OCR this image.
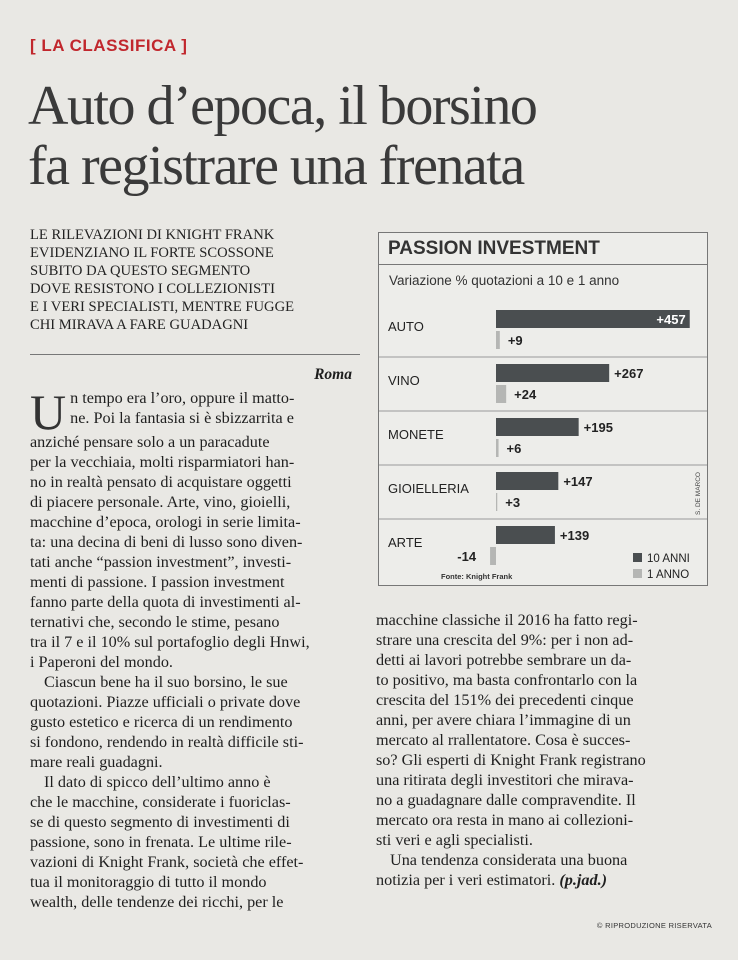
[ LA CLASSIFICA ]
Auto d’epoca, il borsino
fa registrare una frenata
LE RILEVAZIONI DI KNIGHT FRANK
EVIDENZIANO IL FORTE SCOSSONE
SUBITO DA QUESTO SEGMENTO
DOVE RESISTONO I COLLEZIONISTI
E I VERI SPECIALISTI, MENTRE FUGGE
CHI MIRAVA A FARE GUADAGNI
Roma
U n tempo era l’oro, oppure il matto-
ne. Poi la fantasia si è sbizzarrita e
anziché pensare solo a un paracadute
per la vecchiaia, molti risparmiatori han-
no in realtà pensato di acquistare oggetti
di piacere personale. Arte, vino, gioielli,
macchine d’epoca, orologi in serie limita-
ta: una decina di beni di lusso sono diven-
tati anche “passion investment”, investi-
menti di passione. I passion investment
fanno parte della quota di investimenti al-
ternativi che, secondo le stime, pesano
tra il 7 e il 10% sul portafoglio degli Hnwi,
i Paperoni del mondo.
Ciascun bene ha il suo borsino, le sue
quotazioni. Piazze ufficiali o private dove
gusto estetico e ricerca di un rendimento
si fondono, rendendo in realtà difficile sti-
mare reali guadagni.
Il dato di spicco dell’ultimo anno è
che le macchine, considerate i fuoriclas-
se di questo segmento di investimenti di
passione, sono in frenata. Le ultime rile-
vazioni di Knight Frank, società che effet-
tua il monitoraggio di tutto il mondo
wealth, delle tendenze dei ricchi, per le
macchine classiche il 2016 ha fatto regi-
strare una crescita del 9%: per i non ad-
detti ai lavori potrebbe sembrare un da-
to positivo, ma basta confrontarlo con la
crescita del 151% dei precedenti cinque
anni, per avere chiara l’immagine di un
mercato al rrallentatore. Cosa è succes-
so? Gli esperti di Knight Frank registrano
una ritirata degli investitori che mirava-
no a guadagnare dalle compravendite. Il
mercato ora resta in mano ai collezioni-
sti veri e agli specialisti.
Una tendenza considerata una buona
notizia per i veri estimatori. (p.jad.)
© RIPRODUZIONE RISERVATA
PASSION INVESTMENT
Variazione % quotazioni a 10 e 1 anno
AUTO	+457
+9
VINO	+267
+24
MONETE	+195
+6
GIOIELLERIA	+147
+3
ARTE	+139
-14	10 ANNI
1 ANNO
Fonte: Knight Frank
S. DE MARCO
